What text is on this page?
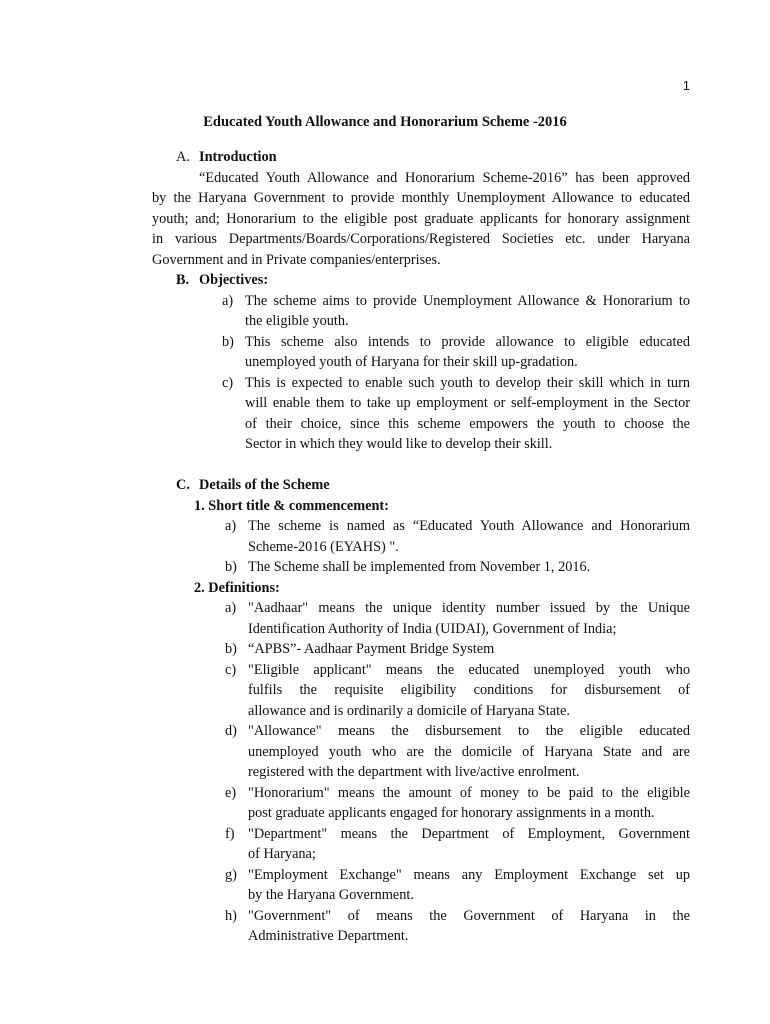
1
Educated Youth Allowance and Honorarium Scheme -2016
A. Introduction
“Educated Youth Allowance and Honorarium Scheme-2016” has been approved
by the Haryana Government to provide monthly Unemployment Allowance to educated
youth; and; Honorarium to the eligible post graduate applicants for honorary assignment
in various Departments/Boards/Corporations/Registered Societies etc. under Haryana
Government and in Private companies/enterprises.
B. Objectives:
a) The scheme aims to provide Unemployment Allowance & Honorarium to
the eligible youth.
b) This scheme also intends to provide allowance to eligible educated
unemployed youth of Haryana for their skill up-gradation.
c) This is expected to enable such youth to develop their skill which in turn
will enable them to take up employment or self-employment in the Sector
of their choice, since this scheme empowers the youth to choose the
Sector in which they would like to develop their skill.
C. Details of the Scheme
1. Short title & commencement:
a) The scheme is named as “Educated Youth Allowance and Honorarium
Scheme-2016 (EYAHS) ".
b) The Scheme shall be implemented from November 1, 2016.
2. Definitions:
a) "Aadhaar" means the unique identity number issued by the Unique
Identification Authority of India (UIDAI), Government of India;
b) “APBS”- Aadhaar Payment Bridge System
c) "Eligible applicant" means the educated unemployed youth who
fulfils the requisite eligibility conditions for disbursement of
allowance and is ordinarily a domicile of Haryana State.
d) "Allowance" means the disbursement to the eligible educated
unemployed youth who are the domicile of Haryana State and are
registered with the department with live/active enrolment.
e) "Honorarium" means the amount of money to be paid to the eligible
post graduate applicants engaged for honorary assignments in a month.
f) "Department" means the Department of Employment, Government
of Haryana;
g) "Employment Exchange" means any Employment Exchange set up
by the Haryana Government.
h) "Government" of means the Government of Haryana in the
Administrative Department.
